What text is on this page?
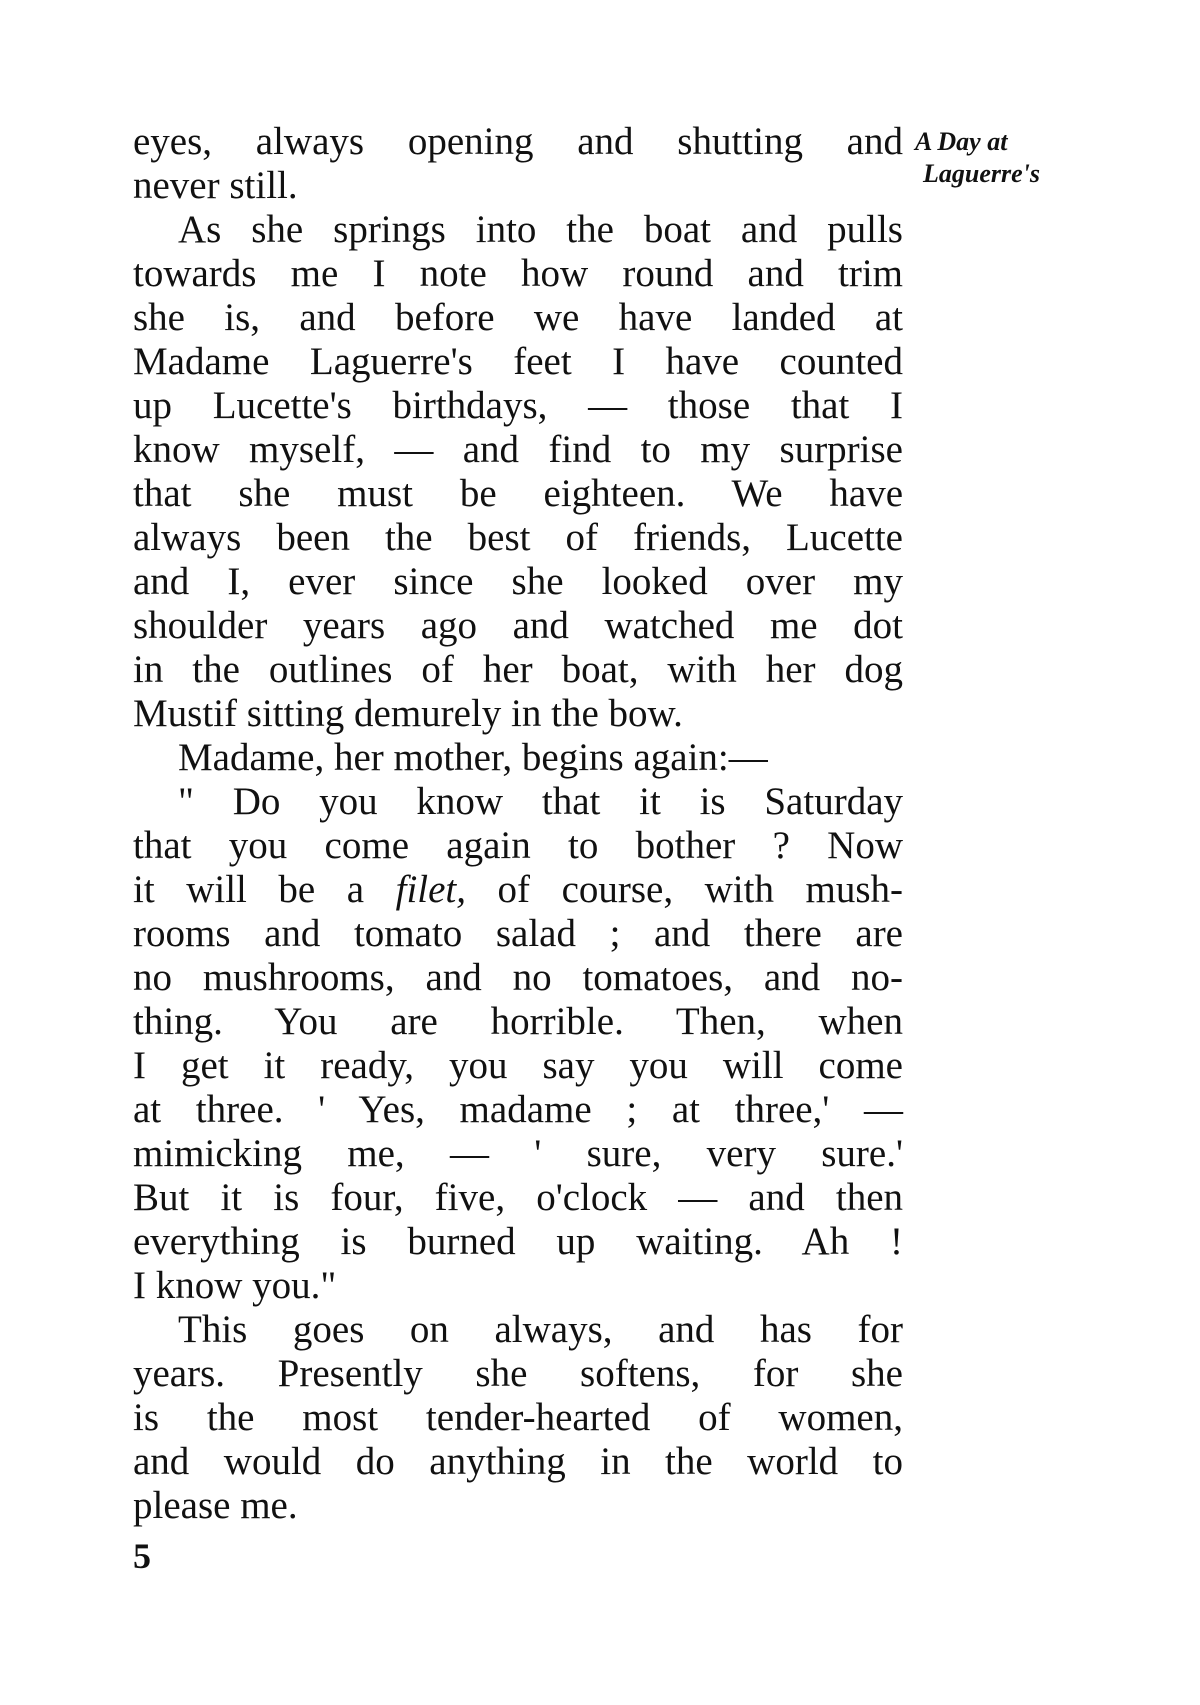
A Day at
Laguerre's
eyes, always opening and shutting and
never still.
As she springs into the boat and pulls
towards me I note how round and trim
she is, and before we have landed at
Madame Laguerre's feet I have counted
up Lucette's birthdays, — those that I
know myself, — and find to my surprise
that she must be eighteen. We have
always been the best of friends, Lucette
and I, ever since she looked over my
shoulder years ago and watched me dot
in the outlines of her boat, with her dog
Mustif sitting demurely in the bow.
Madame, her mother, begins again:—
" Do you know that it is Saturday
that you come again to bother ? Now
it will be a filet, of course, with mush-
rooms and tomato salad ; and there are
no mushrooms, and no tomatoes, and no-
thing. You are horrible. Then, when
I get it ready, you say you will come
at three. ' Yes, madame ; at three,' —
mimicking me, — ' sure, very sure.'
But it is four, five, o'clock — and then
everything is burned up waiting. Ah !
I know you."
This goes on always, and has for
years. Presently she softens, for she
is the most tender-hearted of women,
and would do anything in the world to
please me.
5
